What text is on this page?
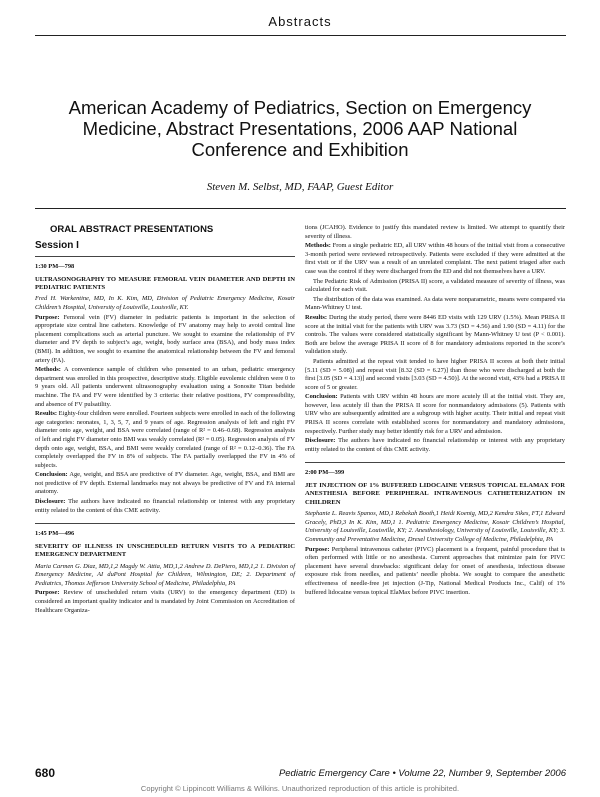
Abstracts
American Academy of Pediatrics, Section on Emergency Medicine, Abstract Presentations, 2006 AAP National Conference and Exhibition
Steven M. Selbst, MD, FAAP, Guest Editor
ORAL ABSTRACT PRESENTATIONS
Session I
1:30 PM—798
ULTRASONOGRAPHY TO MEASURE FEMORAL VEIN DIAMETER AND DEPTH IN PEDIATRIC PATIENTS

Fred H. Warkentine, MD, In K. Kim, MD, Division of Pediatric Emergency Medicine, Kosair Children’s Hospital, University of Louisville, Louisville, KY.

Purpose: Femoral vein (FV) diameter in pediatric patients is important in the selection of appropriate size central line catheters. Knowledge of FV anatomy may help to avoid central line placement complications such as arterial puncture. We sought to examine the relationship of FV diameter and FV depth to subject’s age, weight, body surface area (BSA), and body mass index (BMI). In addition, we sought to examine the anatomical relationship between the FV and femoral artery (FA).

Methods: A convenience sample of children who presented to an urban, pediatric emergency department was enrolled in this prospective, descriptive study. Eligible euvolemic children were 0 to 9 years old. All patients underwent ultrasonography evaluation using a Sonosite Titan bedside machine. The FA and FV were identified by 3 criteria: their relative positions, FV compressibility, and absence of FV pulsatility.

Results: Eighty-four children were enrolled. Fourteen subjects were enrolled in each of the following age categories: neonates, 1, 3, 5, 7, and 9 years of age. Regression analysis of left and right FV diameter onto age, weight, and BSA were correlated (range of R² = 0.46–0.68). Regression analysis of left and right FV diameter onto BMI was weakly correlated (R² = 0.05). Regression analysis of FV depth onto age, weight, BSA, and BMI were weakly correlated (range of R² = 0.12–0.36). The FA completely overlapped the FV in 8% of subjects. The FA partially overlapped the FV in 4% of subjects.

Conclusion: Age, weight, and BSA are predictive of FV diameter. Age, weight, BSA, and BMI are not predictive of FV depth. External landmarks may not always be predictive of FV and FA internal anatomy.

Disclosure: The authors have indicated no financial relationship or interest with any proprietary entity related to the content of this CME activity.

1:45 PM—496
SEVERITY OF ILLNESS IN UNSCHEDULED RETURN VISITS TO A PEDIATRIC EMERGENCY DEPARTMENT

Maria Carmen G. Diaz, MD,1,2 Magdy W. Attia, MD,1,2 Andrew D. DePiero, MD,1,2 1. Division of Emergency Medicine, AI duPont Hospital for Children, Wilmington, DE; 2. Department of Pediatrics, Thomas Jefferson University School of Medicine, Philadelphia, PA

Purpose: Review of unscheduled return visits (URV) to the emergency department (ED) is considered an important quality indicator and is mandated by Joint Commission on Accreditation of Healthcare Organiza-

tions (JCAHO). Evidence to justify this mandated review is limited. We attempt to quantify their severity of illness.

Methods: From a single pediatric ED, all URV within 48 hours of the initial visit from a consecutive 3-month period were reviewed retrospectively. Patients were excluded if they were admitted at the first visit or if the URV was a result of an unrelated complaint. The next patient triaged after each case was the control if they were discharged from the ED and did not themselves have a URV.

The Pediatric Risk of Admission (PRISA II) score, a validated measure of severity of illness, was calculated for each visit.

The distribution of the data was examined. As data were nonparametric, means were compared via Mann-Whitney U test.

Results: During the study period, there were 8446 ED visits with 129 URV (1.5%). Mean PRISA II score at the initial visit for the patients with URV was 3.73 (SD = 4.56) and 1.90 (SD = 4.11) for the controls. The values were considered statistically significant by Mann-Whitney U test (P < 0.001). Both are below the average PRISA II score of 8 for mandatory admissions reported in the score’s validation study.

Patients admitted at the repeat visit tended to have higher PRISA II scores at both their initial [5.11 (SD = 5.08)] and repeat visit [8.32 (SD = 6.27)] than those who were discharged at both the first [3.05 (SD = 4.13)] and second visits [3.03 (SD = 4.50)]. At the second visit, 43% had a PRISA II score of 5 or greater.

Conclusion: Patients with URV within 48 hours are more acutely ill at the initial visit. They are, however, less acutely ill than the PRISA II score for nonmandatory admissions (5). Patients with URV who are subsequently admitted are a subgroup with higher acuity. Their initial and repeat visit PRISA II scores correlate with established scores for nonmandatory and mandatory admissions, respectively. Further study may better identify risk for a URV and admission.

Disclosure: The authors have indicated no financial relationship or interest with any proprietary entity related to the content of this CME activity.

2:00 PM—399
JET INJECTION OF 1% BUFFERED LIDOCAINE VERSUS TOPICAL ELAMAX FOR ANESTHESIA BEFORE PERIPHERAL INTRAVENOUS CATHETERIZATION IN CHILDREN

Stephanie L. Reavis Spanos, MD,1 Rebekah Booth,1 Heidi Koenig, MD,2 Kendra Sikes, FT,1 Edward Gracely, PhD,3 In K. Kim, MD,1 1. Pediatric Emergency Medicine, Kosair Children’s Hospital, University of Louisville, Louisville, KY; 2. Anesthesiology, University of Louisville, Louisville, KY; 3. Community and Preventative Medicine, Drexel University College of Medicine, Philadelphia, PA

Purpose: Peripheral intravenous catheter (PIVC) placement is a frequent, painful procedure that is often performed with little or no anesthesia. Current approaches that minimize pain for PIVC placement have several drawbacks: significant delay for onset of anesthesia, infectious disease exposure risk from needles, and patients’ needle phobia. We sought to compare the anesthetic effectiveness of needle-free jet injection (J-Tip, National Medical Products Inc., Calif) of 1% buffered lidocaine versus topical ElaMax before PIVC insertion.

680	Pediatric Emergency Care • Volume 22, Number 9, September 2006
Copyright © Lippincott Williams & Wilkins. Unauthorized reproduction of this article is prohibited.
